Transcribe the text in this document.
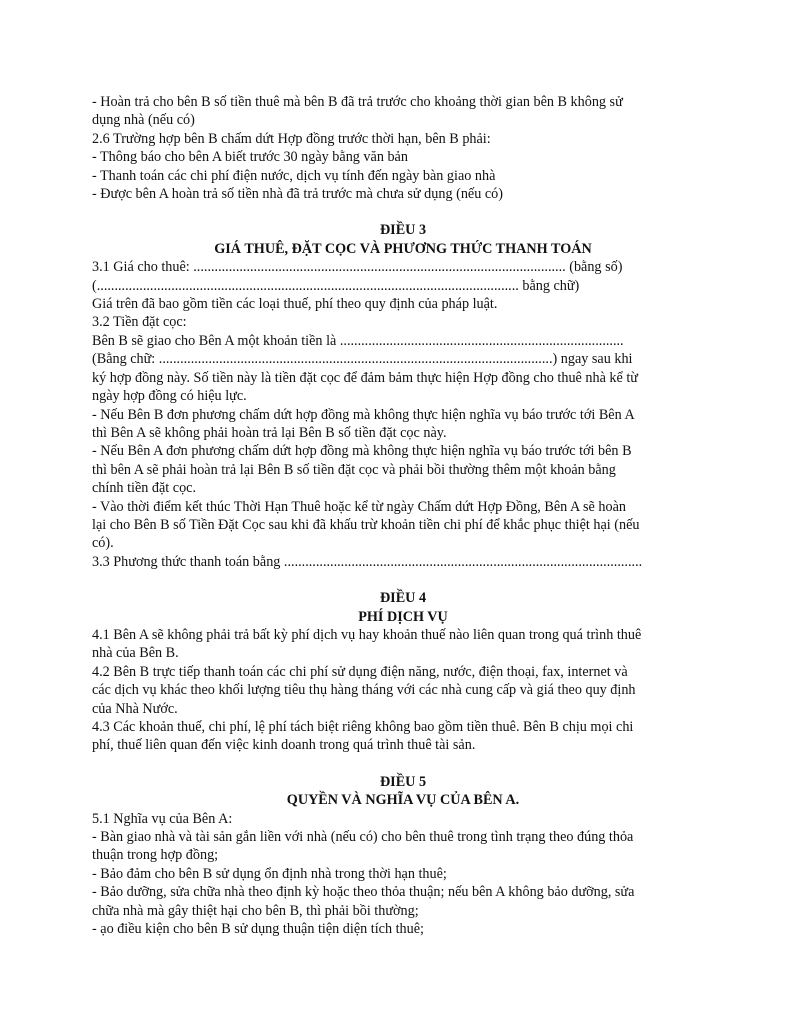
- Hoàn trả cho bên B số tiền thuê mà bên B đã trả trước cho khoảng thời gian bên B không sử
dụng nhà (nếu có)
2.6 Trường hợp bên B chấm dứt Hợp đồng trước thời hạn, bên B phải:
- Thông báo cho bên A biết trước 30 ngày bằng văn bản
- Thanh toán các chi phí điện nước, dịch vụ tính đến ngày bàn giao nhà
- Được bên A hoàn trả số tiền nhà đã trả trước mà chưa sử dụng (nếu có)
ĐIỀU 3
GIÁ THUÊ, ĐẶT CỌC VÀ PHƯƠNG THỨC THANH TOÁN
3.1 Giá cho thuê: ......................................................................................................... (bằng số)
(....................................................................................................................... bằng chữ)
Giá trên đã bao gồm tiền các loại thuế, phí theo quy định của pháp luật.
3.2 Tiền đặt cọc:
Bên B sẽ giao cho Bên A một khoản tiền là ................................................................................
(Bằng chữ: ...............................................................................................................) ngay sau khi
ký hợp đồng này. Số tiền này là tiền đặt cọc để đảm bảm thực hiện Hợp đồng cho thuê nhà kể từ
ngày hợp đồng có hiệu lực.
- Nếu Bên B đơn phương chấm dứt hợp đồng mà không thực hiện nghĩa vụ báo trước tới Bên A
thì Bên A sẽ không phải hoàn trả lại Bên B số tiền đặt cọc này.
- Nếu Bên A đơn phương chấm dứt hợp đồng mà không thực hiện nghĩa vụ báo trước tới bên B
thì bên A sẽ phải hoàn trả lại Bên B số tiền đặt cọc và phải bồi thường thêm một khoản bằng
chính tiền đặt cọc.
- Vào thời điểm kết thúc Thời Hạn Thuê hoặc kể từ ngày Chấm dứt Hợp Đồng, Bên A sẽ hoàn
lại cho Bên B số Tiền Đặt Cọc sau khi đã khấu trừ khoản tiền chi phí để khắc phục thiệt hại (nếu
có).
3.3 Phương thức thanh toán bằng .....................................................................................................
ĐIỀU 4
PHÍ DỊCH VỤ
4.1 Bên A sẽ không phải trả bất kỳ phí dịch vụ hay khoản thuế nào liên quan trong quá trình thuê
nhà của Bên B.
4.2 Bên B trực tiếp thanh toán các chi phí sử dụng điện năng, nước, điện thoại, fax, internet và
các dịch vụ khác theo khối lượng tiêu thụ hàng tháng với các nhà cung cấp và giá theo quy định
của Nhà Nước.
4.3 Các khoản thuế, chi phí, lệ phí tách biệt riêng không bao gồm tiền thuê. Bên B chịu mọi chi
phí, thuế liên quan đến việc kinh doanh trong quá trình thuê tài sản.
ĐIỀU 5
QUYỀN VÀ NGHĨA VỤ CỦA BÊN A.
5.1 Nghĩa vụ của Bên A:
- Bàn giao nhà và tài sản gắn liền với nhà (nếu có) cho bên thuê trong tình trạng theo đúng thỏa
thuận trong hợp đồng;
- Bảo đảm cho bên B sử dụng ổn định nhà trong thời hạn thuê;
- Bảo dưỡng, sửa chữa nhà theo định kỳ hoặc theo thỏa thuận; nếu bên A không bảo dưỡng, sửa
chữa nhà mà gây thiệt hại cho bên B, thì phải bồi thường;
- ạo điều kiện cho bên B sử dụng thuận tiện diện tích thuê;
